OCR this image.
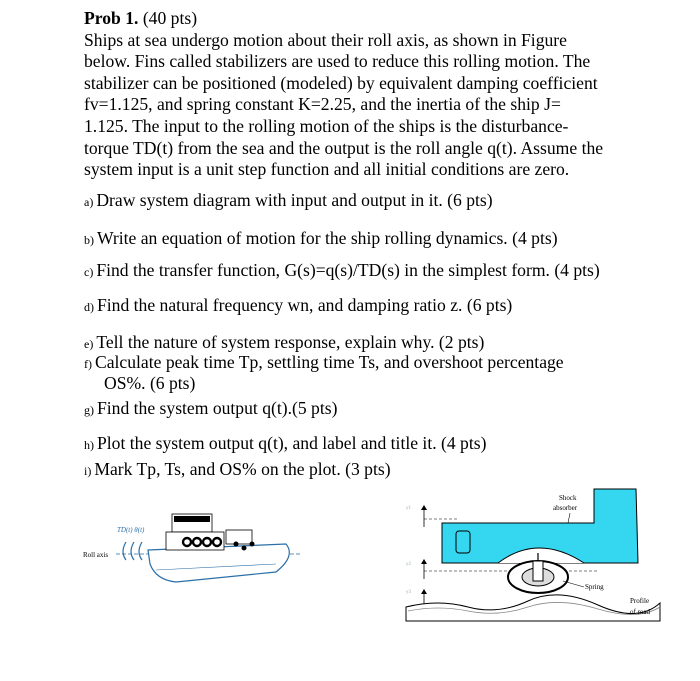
Prob 1. (40 pts)
Ships at sea undergo motion about their roll axis, as shown in Figure
below. Fins called stabilizers are used to reduce this rolling motion. The
stabilizer can be positioned (modeled) by equivalent damping coefficient
fv=1.125, and spring constant K=2.25, and the inertia of the ship J=
1.125. The input to the rolling motion of the ships is the disturbance-
torque TD(t) from the sea and the output is the roll angle q(t). Assume the
system input is a unit step function and all initial conditions are zero.
a) Draw system diagram with input and output in it. (6 pts)
b) Write an equation of motion for the ship rolling dynamics. (4 pts)
c) Find the transfer function, G(s)=q(s)/TD(s) in the simplest form. (4 pts)
d) Find the natural frequency wn, and damping ratio z. (6 pts)
e) Tell the nature of system response, explain why. (2 pts)
f) Calculate peak time Tp, settling time Ts, and overshoot percentage
OS%. (6 pts)
g) Find the system output q(t).(5 pts)
h) Plot the system output q(t), and label and title it. (4 pts)
i) Mark Tp, Ts, and OS% on the plot. (3 pts)
TD(t) θ(t)
Roll axis
Shock
absorber
y1
y2
y3
Spring
Profile
of road
